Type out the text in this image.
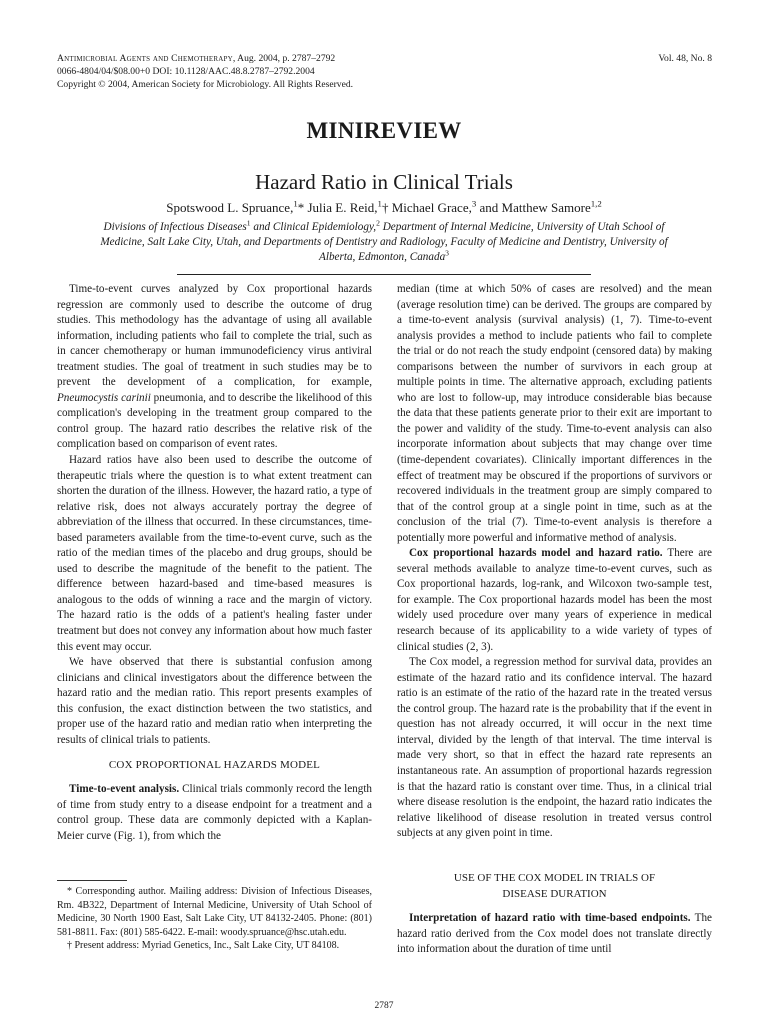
Antimicrobial Agents and Chemotherapy, Aug. 2004, p. 2787–2792	Vol. 48, No. 8
0066-4804/04/$08.00+0 DOI: 10.1128/AAC.48.8.2787–2792.2004
Copyright © 2004, American Society for Microbiology. All Rights Reserved.
MINIREVIEW
Hazard Ratio in Clinical Trials
Spotswood L. Spruance,$^1$* Julia E. Reid,$^1$† Michael Grace,$^3$ and Matthew Samore$^{1,2}$
Divisions of Infectious Diseases$^1$ and Clinical Epidemiology,$^2$ Department of Internal Medicine, University of Utah School of Medicine, Salt Lake City, Utah, and Departments of Dentistry and Radiology, Faculty of Medicine and Dentistry, University of Alberta, Edmonton, Canada$^3$

Time-to-event curves analyzed by Cox proportional hazards regression are commonly used to describe the outcome of drug studies. This methodology has the advantage of using all available information, including patients who fail to complete the trial, such as in cancer chemotherapy or human immunodeficiency virus antiviral treatment studies. The goal of treatment in such studies may be to prevent the development of a complication, for example, Pneumocystis carinii pneumonia, and to describe the likelihood of this complication's developing in the treatment group compared to the control group. The hazard ratio describes the relative risk of the complication based on comparison of event rates.

Hazard ratios have also been used to describe the outcome of therapeutic trials where the question is to what extent treatment can shorten the duration of the illness. However, the hazard ratio, a type of relative risk, does not always accurately portray the degree of abbreviation of the illness that occurred. In these circumstances, time-based parameters available from the time-to-event curve, such as the ratio of the median times of the placebo and drug groups, should be used to describe the magnitude of the benefit to the patient. The difference between hazard-based and time-based measures is analogous to the odds of winning a race and the margin of victory. The hazard ratio is the odds of a patient's healing faster under treatment but does not convey any information about how much faster this event may occur.

We have observed that there is substantial confusion among clinicians and clinical investigators about the difference between the hazard ratio and the median ratio. This report presents examples of this confusion, the exact distinction between the two statistics, and proper use of the hazard ratio and median ratio when interpreting the results of clinical trials to patients.

COX PROPORTIONAL HAZARDS MODEL

Time-to-event analysis. Clinical trials commonly record the length of time from study entry to a disease endpoint for a treatment and a control group. These data are commonly depicted with a Kaplan-Meier curve (Fig. 1), from which the

* Corresponding author. Mailing address: Division of Infectious Diseases, Rm. 4B322, Department of Internal Medicine, University of Utah School of Medicine, 30 North 1900 East, Salt Lake City, UT 84132-2405. Phone: (801) 581-8811. Fax: (801) 585-6422. E-mail: woody.spruance@hsc.utah.edu.

† Present address: Myriad Genetics, Inc., Salt Lake City, UT 84108.

median (time at which 50% of cases are resolved) and the mean (average resolution time) can be derived. The groups are compared by a time-to-event analysis (survival analysis) (1, 7). Time-to-event analysis provides a method to include patients who fail to complete the trial or do not reach the study endpoint (censored data) by making comparisons between the number of survivors in each group at multiple points in time. The alternative approach, excluding patients who are lost to follow-up, may introduce considerable bias because the data that these patients generate prior to their exit are important to the power and validity of the study. Time-to-event analysis can also incorporate information about subjects that may change over time (time-dependent covariates). Clinically important differences in the effect of treatment may be obscured if the proportions of survivors or recovered individuals in the treatment group are simply compared to that of the control group at a single point in time, such as at the conclusion of the trial (7). Time-to-event analysis is therefore a potentially more powerful and informative method of analysis.

Cox proportional hazards model and hazard ratio. There are several methods available to analyze time-to-event curves, such as Cox proportional hazards, log-rank, and Wilcoxon two-sample test, for example. The Cox proportional hazards model has been the most widely used procedure over many years of experience in medical research because of its applicability to a wide variety of types of clinical studies (2, 3).

The Cox model, a regression method for survival data, provides an estimate of the hazard ratio and its confidence interval. The hazard ratio is an estimate of the ratio of the hazard rate in the treated versus the control group. The hazard rate is the probability that if the event in question has not already occurred, it will occur in the next time interval, divided by the length of that interval. The time interval is made very short, so that in effect the hazard rate represents an instantaneous rate. An assumption of proportional hazards regression is that the hazard ratio is constant over time. Thus, in a clinical trial where disease resolution is the endpoint, the hazard ratio indicates the relative likelihood of disease resolution in treated versus control subjects at any given point in time.

USE OF THE COX MODEL IN TRIALS OF
DISEASE DURATION

Interpretation of hazard ratio with time-based endpoints. The hazard ratio derived from the Cox model does not translate directly into information about the duration of time until

2787
